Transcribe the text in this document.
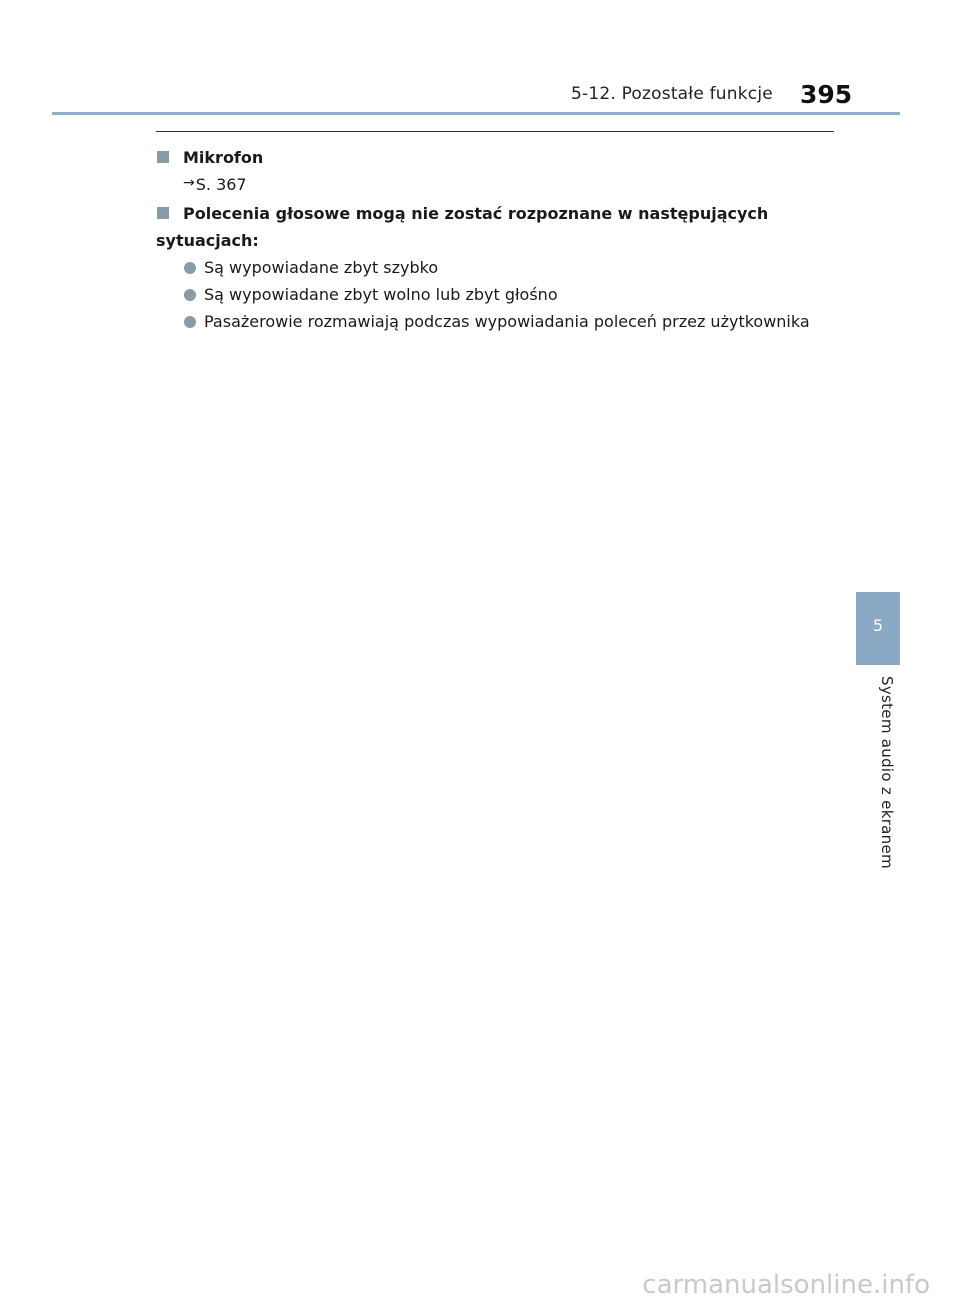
5-12. Pozostałe funkcje 395
Mikrofon
→S. 367
Polecenia głosowe mogą nie zostać rozpoznane w następujących sytuacjach:
Są wypowiadane zbyt szybko
Są wypowiadane zbyt wolno lub zbyt głośno
Pasażerowie rozmawiają podczas wypowiadania poleceń przez użytkownika
5
System audio z ekranem
carmanualsonline.info
